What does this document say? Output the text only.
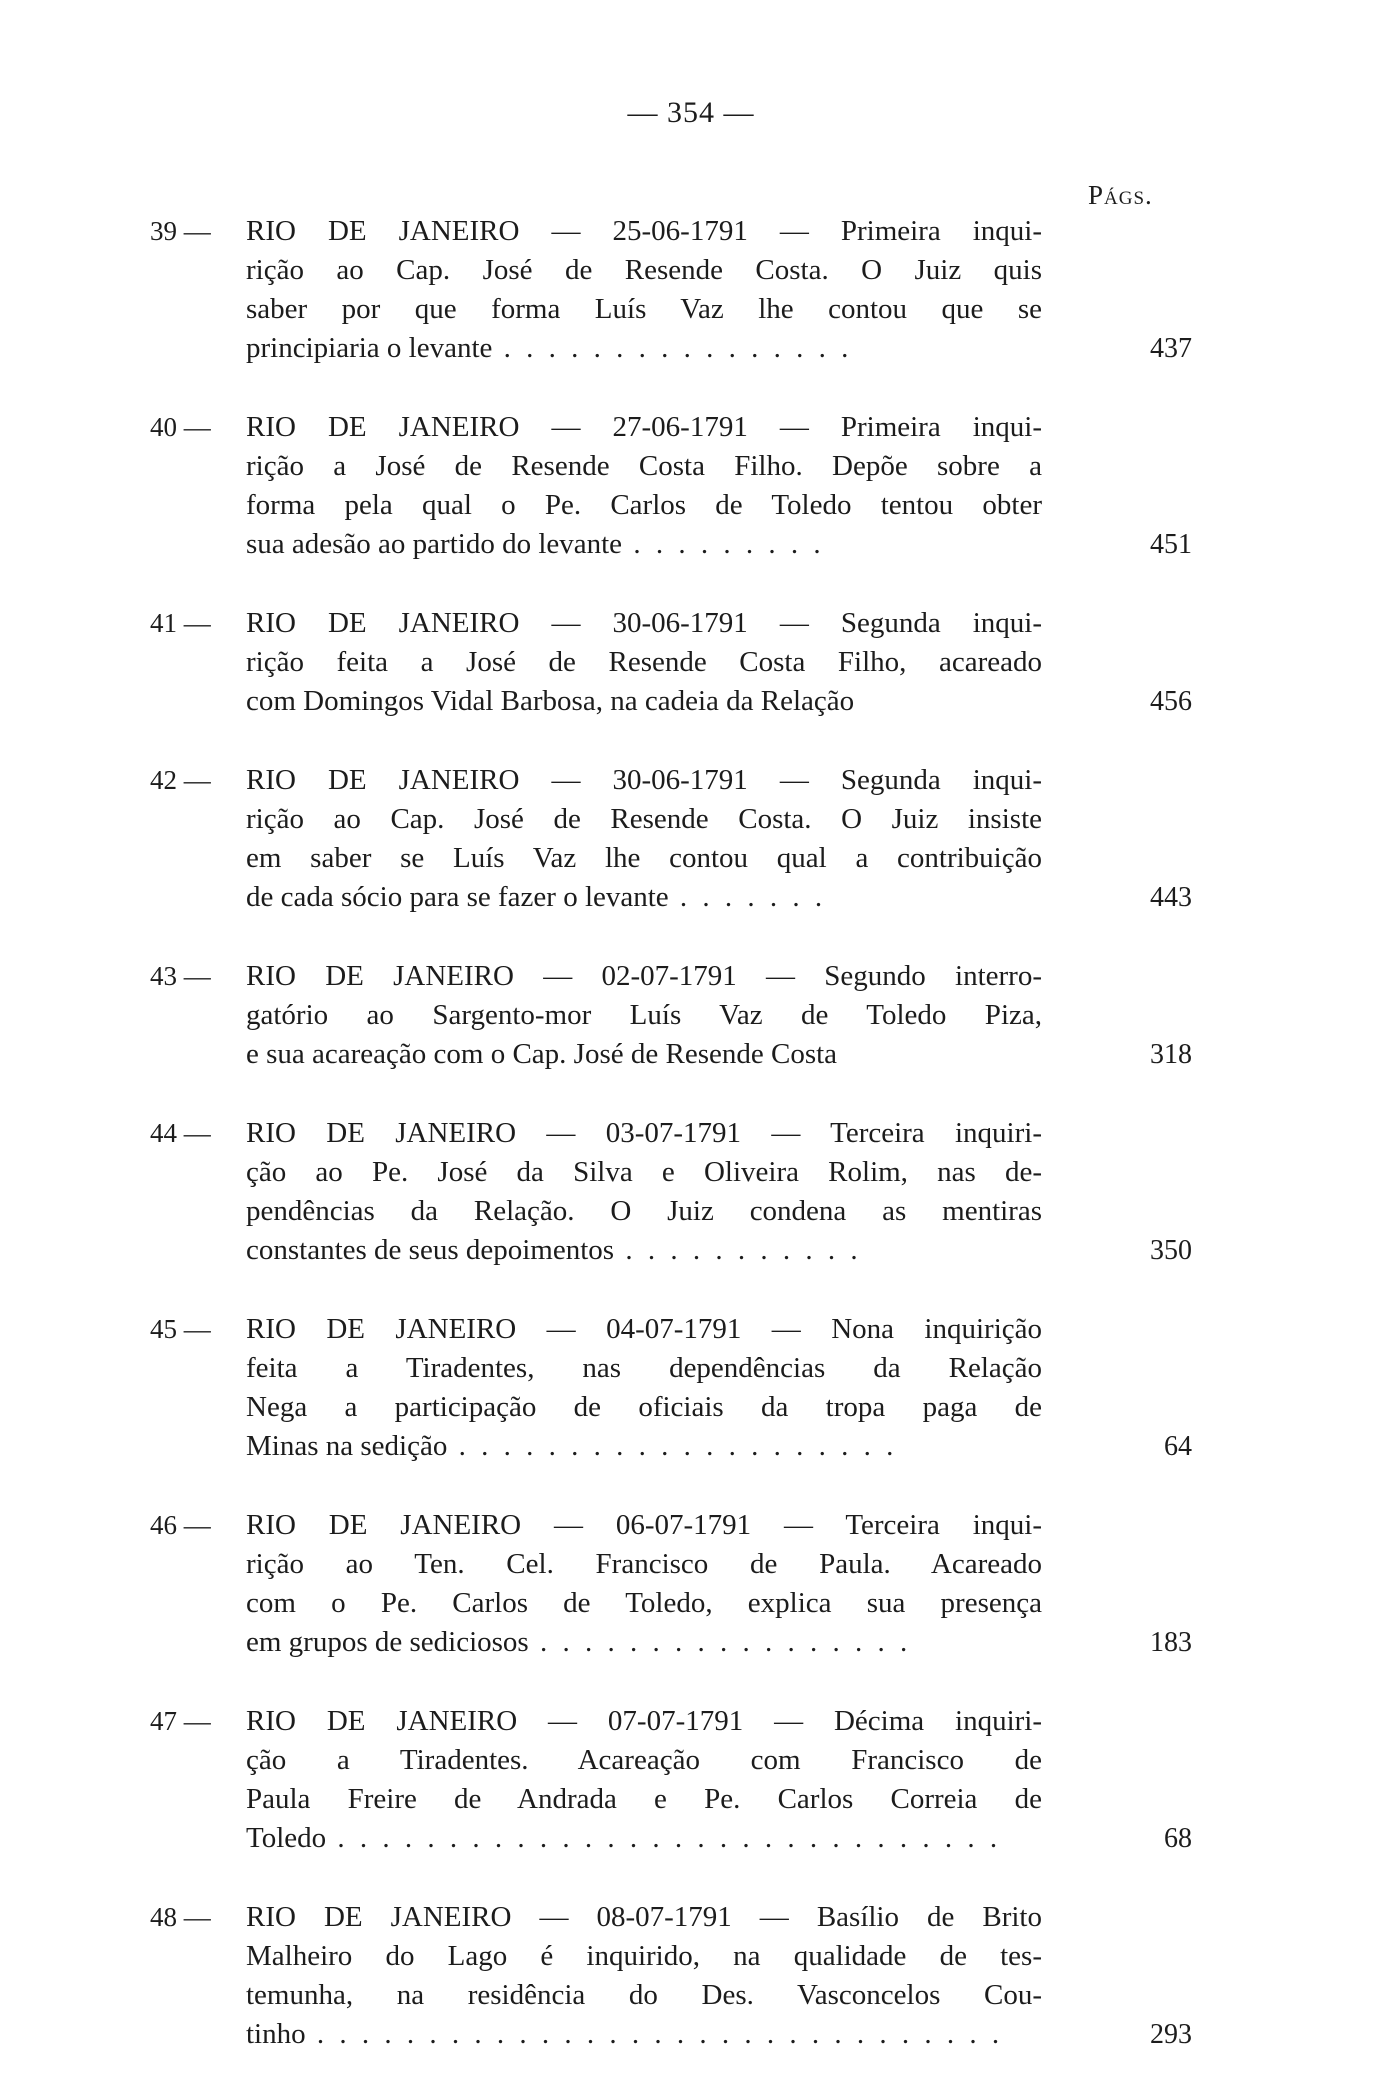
— 354 —
Págs.
39 — RIO DE JANEIRO — 25-06-1791 — Primeira inqui-
rição ao Cap. José de Resende Costa. O Juiz quis
saber por que forma Luís Vaz lhe contou que se
principiaria o levante . . . . . . . . . . . . . . . .	437
40 — RIO DE JANEIRO — 27-06-1791 — Primeira inqui-
rição a José de Resende Costa Filho. Depõe sobre a
forma pela qual o Pe. Carlos de Toledo tentou obter
sua adesão ao partido do levante . . . . . . . . .	451
41 — RIO DE JANEIRO — 30-06-1791 — Segunda inqui-
rição feita a José de Resende Costa Filho, acareado
com Domingos Vidal Barbosa, na cadeia da Relação	456
42 — RIO DE JANEIRO — 30-06-1791 — Segunda inqui-
rição ao Cap. José de Resende Costa. O Juiz insiste
em saber se Luís Vaz lhe contou qual a contribuição
de cada sócio para se fazer o levante . . . . . . .	443
43 — RIO DE JANEIRO — 02-07-1791 — Segundo interro-
gatório ao Sargento-mor Luís Vaz de Toledo Piza,
e sua acareação com o Cap. José de Resende Costa	318
44 — RIO DE JANEIRO — 03-07-1791 — Terceira inquiri-
ção ao Pe. José da Silva e Oliveira Rolim, nas de-
pendências da Relação. O Juiz condena as mentiras
constantes de seus depoimentos . . . . . . . . . . .	350
45 — RIO DE JANEIRO — 04-07-1791 — Nona inquirição
feita a Tiradentes, nas dependências da Relação
Nega a participação de oficiais da tropa paga de
Minas na sedição . . . . . . . . . . . . . . . . . . . .	64
46 — RIO DE JANEIRO — 06-07-1791 — Terceira inqui-
rição ao Ten. Cel. Francisco de Paula. Acareado
com o Pe. Carlos de Toledo, explica sua presença
em grupos de sediciosos . . . . . . . . . . . . . . . . .	183
47 — RIO DE JANEIRO — 07-07-1791 — Décima inquiri-
ção a Tiradentes. Acareação com Francisco de
Paula Freire de Andrada e Pe. Carlos Correia de
Toledo . . . . . . . . . . . . . . . . . . . . . . . . . . . . . .	68
48 — RIO DE JANEIRO — 08-07-1791 — Basílio de Brito
Malheiro do Lago é inquirido, na qualidade de tes-
temunha, na residência do Des. Vasconcelos Cou-
tinho . . . . . . . . . . . . . . . . . . . . . . . . . . . . . . .	293
